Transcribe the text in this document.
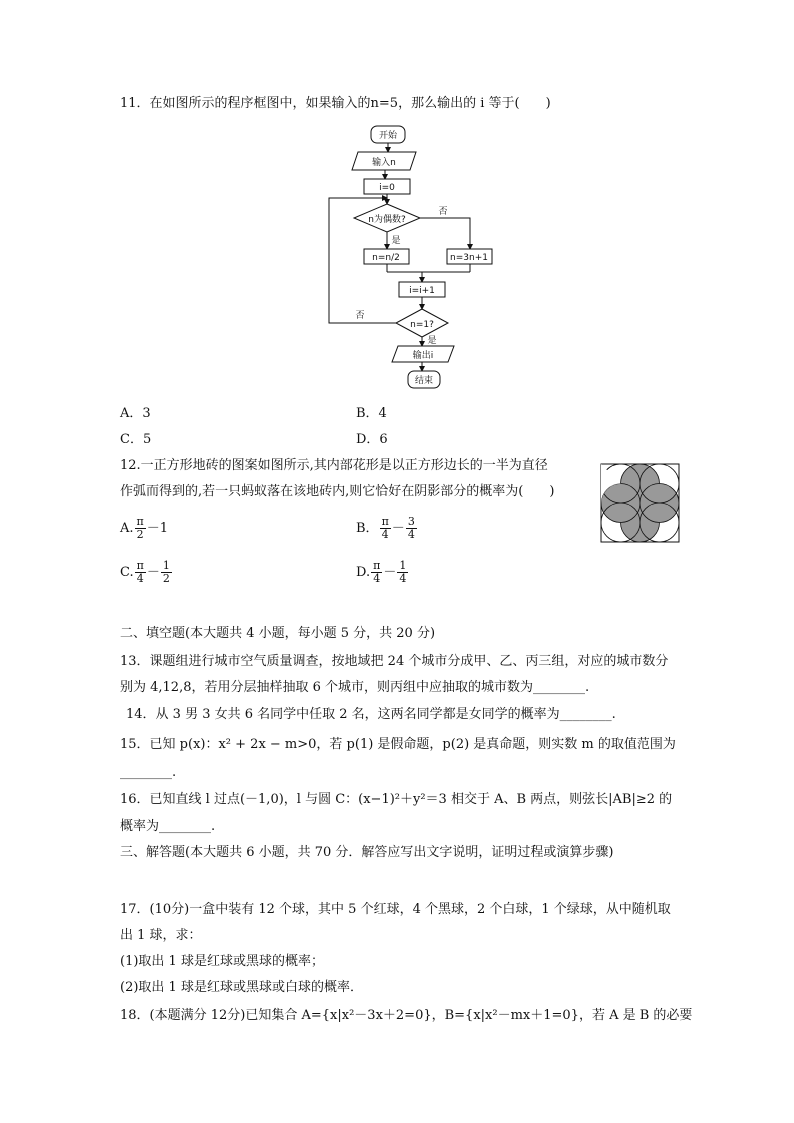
11．在如图所示的程序框图中，如果输入的n=5，那么输出的 i 等于(　　)
开始
输入n
i=0
n为偶数?
否
是
n=n/2	n=3n+1
i=i+1
n=1?
否
是
输出i
结束
A．3	B．4
C．5	D．6
12.一正方形地砖的图案如图所示,其内部花形是以正方形边长的一半为直径
作弧而得到的,若一只蚂蚁落在该地砖内,则它恰好在阴影部分的概率为(　　)
A. $\frac{\pi}{2} -1$	B． $\frac{\pi}{4} - \frac{3}{4}$
C. $\frac{\pi}{4} - \frac{1}{2}$	D. $\frac{\pi}{4} - \frac{1}{4}$
二、填空题(本大题共 4 小题，每小题 5 分，共 20 分)
13．课题组进行城市空气质量调查，按地域把 24 个城市分成甲、乙、丙三组，对应的城市数分
别为 4,12,8，若用分层抽样抽取 6 个城市，则丙组中应抽取的城市数为________.
14．从 3 男 3 女共 6 名同学中任取 2 名，这两名同学都是女同学的概率为________.
15．已知 p(x)：x² + 2x − m>0，若 p(1) 是假命题，p(2) 是真命题，则实数 m 的取值范围为
________.
16．已知直线 l 过点(－1,0)，l 与圆 C：(x−1)²＋y²＝3 相交于 A、B 两点，则弦长|AB|≥2 的
概率为________.
三、解答题(本大题共 6 小题，共 70 分．解答应写出文字说明，证明过程或演算步骤)
17．(10分)一盒中装有 12 个球，其中 5 个红球，4 个黑球，2 个白球，1 个绿球，从中随机取
出 1 球，求：
(1)取出 1 球是红球或黑球的概率；
(2)取出 1 球是红球或黑球或白球的概率．
18．(本题满分 12分)已知集合 A={x|x²－3x＋2=0}，B={x|x²－mx＋1=0}，若 A 是 B 的必要
